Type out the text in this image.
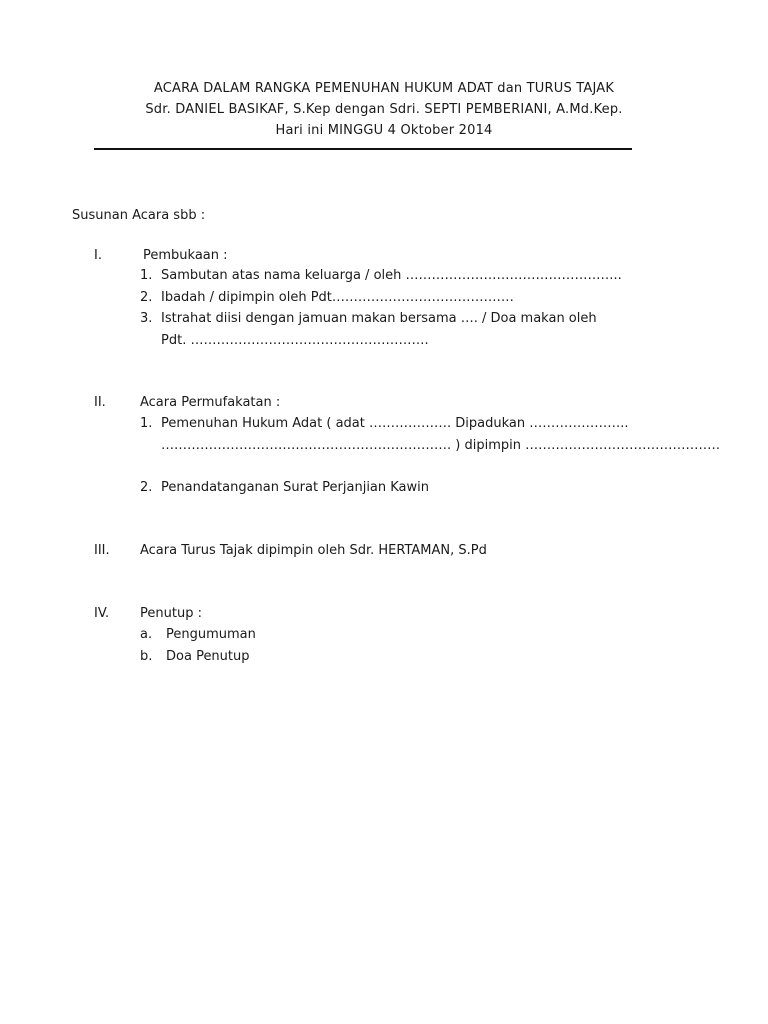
ACARA DALAM RANGKA PEMENUHAN HUKUM ADAT dan TURUS TAJAK
Sdr. DANIEL BASIKAF, S.Kep dengan Sdri. SEPTI PEMBERIANI, A.Md.Kep.
Hari ini MINGGU 4 Oktober 2014
Susunan Acara sbb :
I.	Pembukaan :
1. Sambutan atas nama keluarga / oleh …………………………………………..
2. Ibadah / dipimpin oleh Pdt……………………………………
3. Istrahat diisi dengan jamuan makan bersama …. / Doa makan oleh
Pdt. ……………………………………………….
II.	Acara Permufakatan :
1. Pemenuhan Hukum Adat ( adat ………………. Dipadukan …………………..
…………………………………………………………. ) dipimpin ………………………………………
2. Penandatanganan Surat Perjanjian Kawin
III. Acara Turus Tajak dipimpin oleh Sdr. HERTAMAN, S.Pd
IV. Penutup :
a. Pengumuman
b. Doa Penutup
